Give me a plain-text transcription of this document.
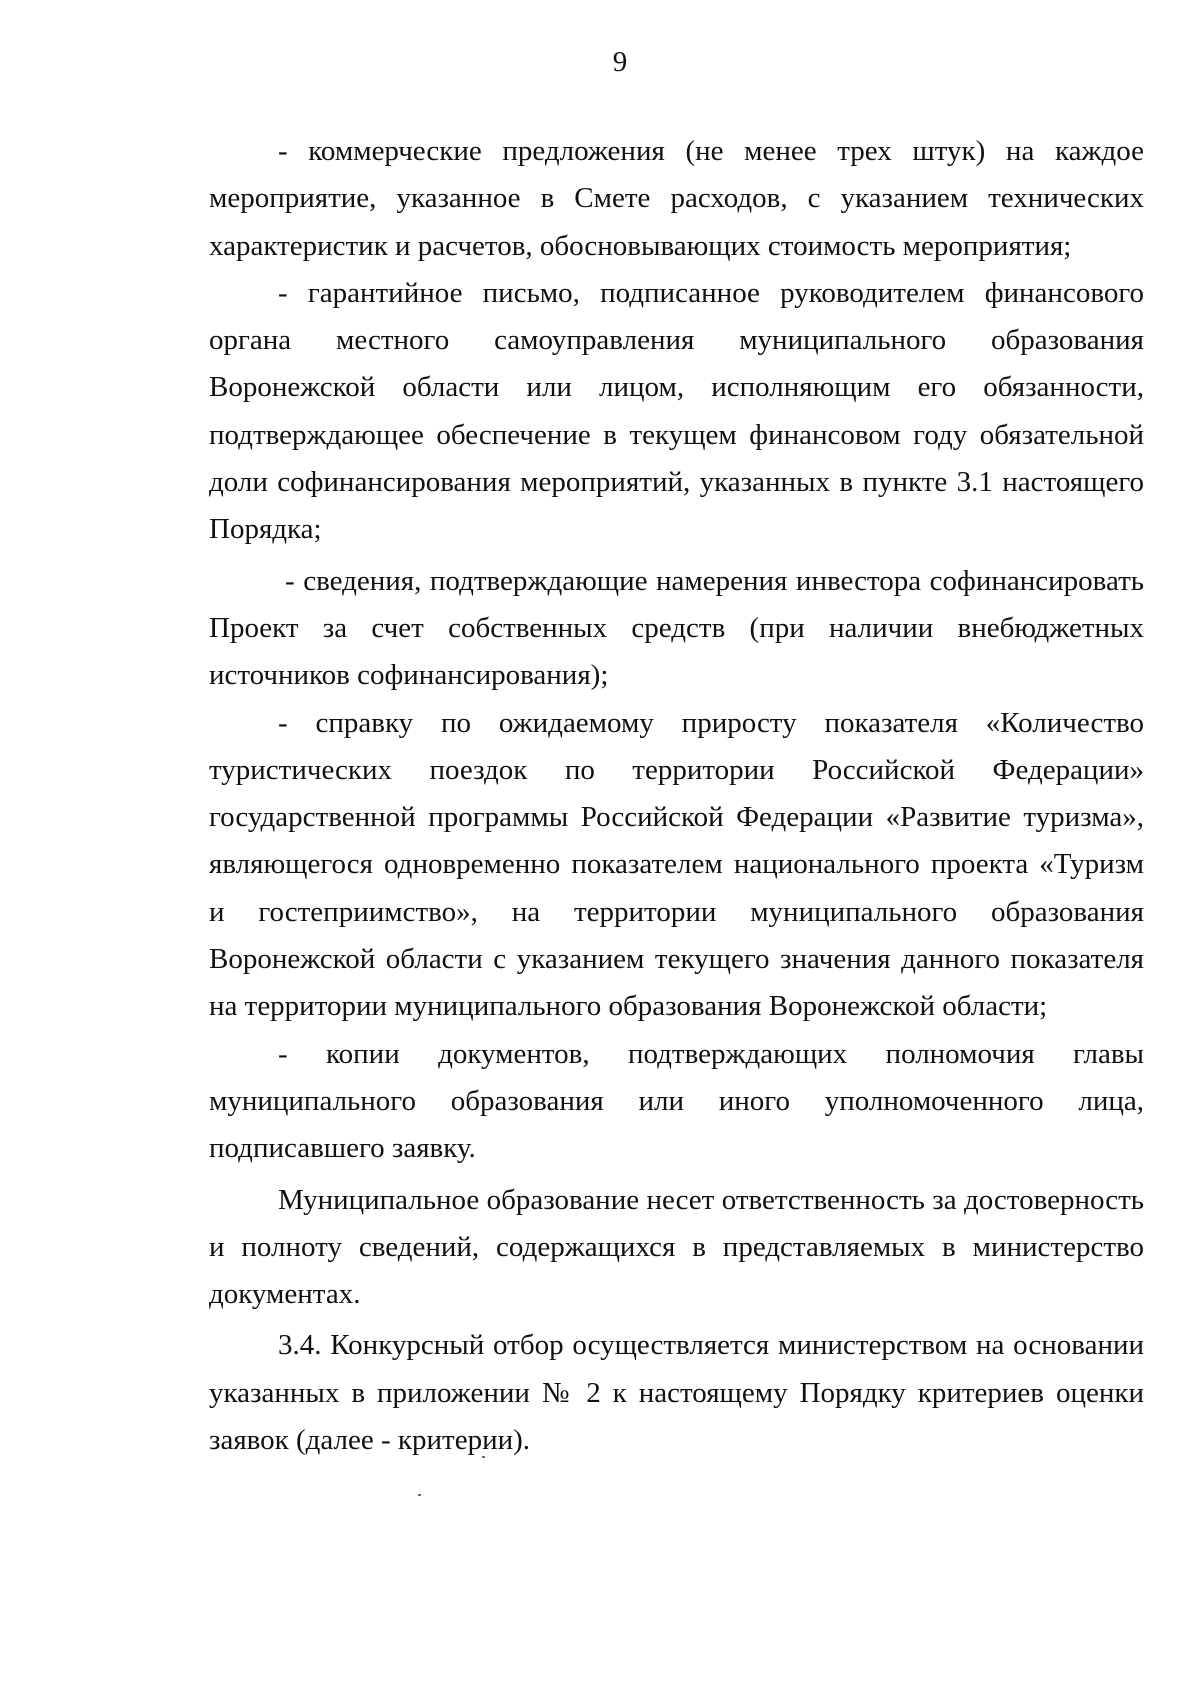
9

- коммерческие предложения (не менее трех штук) на каждое мероприятие, указанное в Смете расходов, с указанием технических характеристик и расчетов, обосновывающих стоимость мероприятия;

- гарантийное письмо, подписанное руководителем финансового органа местного самоуправления муниципального образования Воронежской области или лицом, исполняющим его обязанности, подтверждающее обеспечение в текущем финансовом году обязательной доли софинансирования мероприятий, указанных в пункте 3.1 настоящего Порядка;

- сведения, подтверждающие намерения инвестора софинансировать Проект за счет собственных средств (при наличии внебюджетных источников софинансирования);

- справку по ожидаемому приросту показателя «Количество туристических поездок по территории Российской Федерации» государственной программы Российской Федерации «Развитие туризма», являющегося одновременно показателем национального проекта «Туризм и гостеприимство», на территории муниципального образования Воронежской области с указанием текущего значения данного показателя на территории муниципального образования Воронежской области;

- копии документов, подтверждающих полномочия главы муниципального образования или иного уполномоченного лица, подписавшего заявку.

Муниципальное образование несет ответственность за достоверность и полноту сведений, содержащихся в представляемых в министерство документах.

3.4. Конкурсный отбор осуществляется министерством на основании указанных в приложении № 2 к настоящему Порядку критериев оценки заявок (далее - критерии).
